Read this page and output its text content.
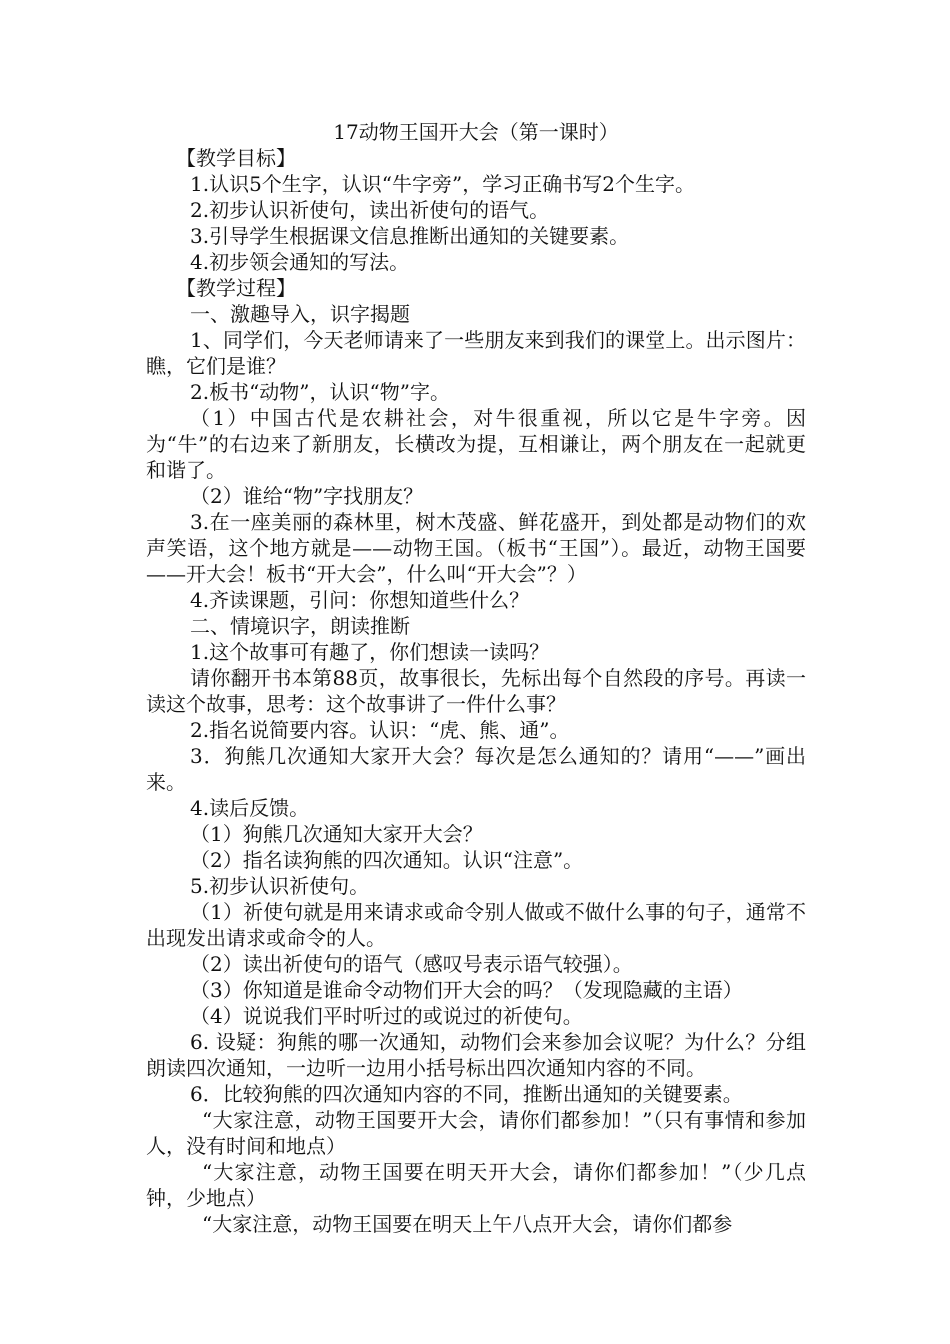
17动物王国开大会（第一课时）

【教学目标】

1.认识5个生字，认识“牛字旁”，学习正确书写2个生字。

2.初步认识祈使句，读出祈使句的语气。

3.引导学生根据课文信息推断出通知的关键要素。

4.初步领会通知的写法。

【教学过程】

一、激趣导入，识字揭题

1、同学们，今天老师请来了一些朋友来到我们的课堂上。出示图片：瞧，它们是谁？

2.板书“动物”，认识“物”字。

（1）中国古代是农耕社会，对牛很重视，所以它是牛字旁。因为“牛”的右边来了新朋友，长横改为提，互相谦让，两个朋友在一起就更和谐了。

（2）谁给“物”字找朋友？

3.在一座美丽的森林里，树木茂盛、鲜花盛开，到处都是动物们的欢声笑语，这个地方就是——动物王国。（板书“王国”）。最近，动物王国要——开大会！板书“开大会”，什么叫“开大会”？）

4.齐读课题，引问：你想知道些什么？

二、情境识字，朗读推断

1.这个故事可有趣了，你们想读一读吗？

请你翻开书本第88页，故事很长，先标出每个自然段的序号。再读一读这个故事，思考：这个故事讲了一件什么事？

2.指名说简要内容。认识：“虎、熊、通”。

3．狗熊几次通知大家开大会？每次是怎么通知的？请用“——”画出来。

4.读后反馈。

（1）狗熊几次通知大家开大会？

（2）指名读狗熊的四次通知。认识“注意”。

5.初步认识祈使句。

（1）祈使句就是用来请求或命令别人做或不做什么事的句子，通常不出现发出请求或命令的人。

（2）读出祈使句的语气（感叹号表示语气较强）。

（3）你知道是谁命令动物们开大会的吗？（发现隐藏的主语）

（4）说说我们平时听过的或说过的祈使句。

6. 设疑：狗熊的哪一次通知，动物们会来参加会议呢？为什么？分组朗读四次通知，一边听一边用小括号标出四次通知内容的不同。

6．比较狗熊的四次通知内容的不同，推断出通知的关键要素。

“大家注意，动物王国要开大会，请你们都参加！”（只有事情和参加人，没有时间和地点）

“大家注意，动物王国要在明天开大会，请你们都参加！”（少几点钟，少地点）

“大家注意，动物王国要在明天上午八点开大会，请你们都参
